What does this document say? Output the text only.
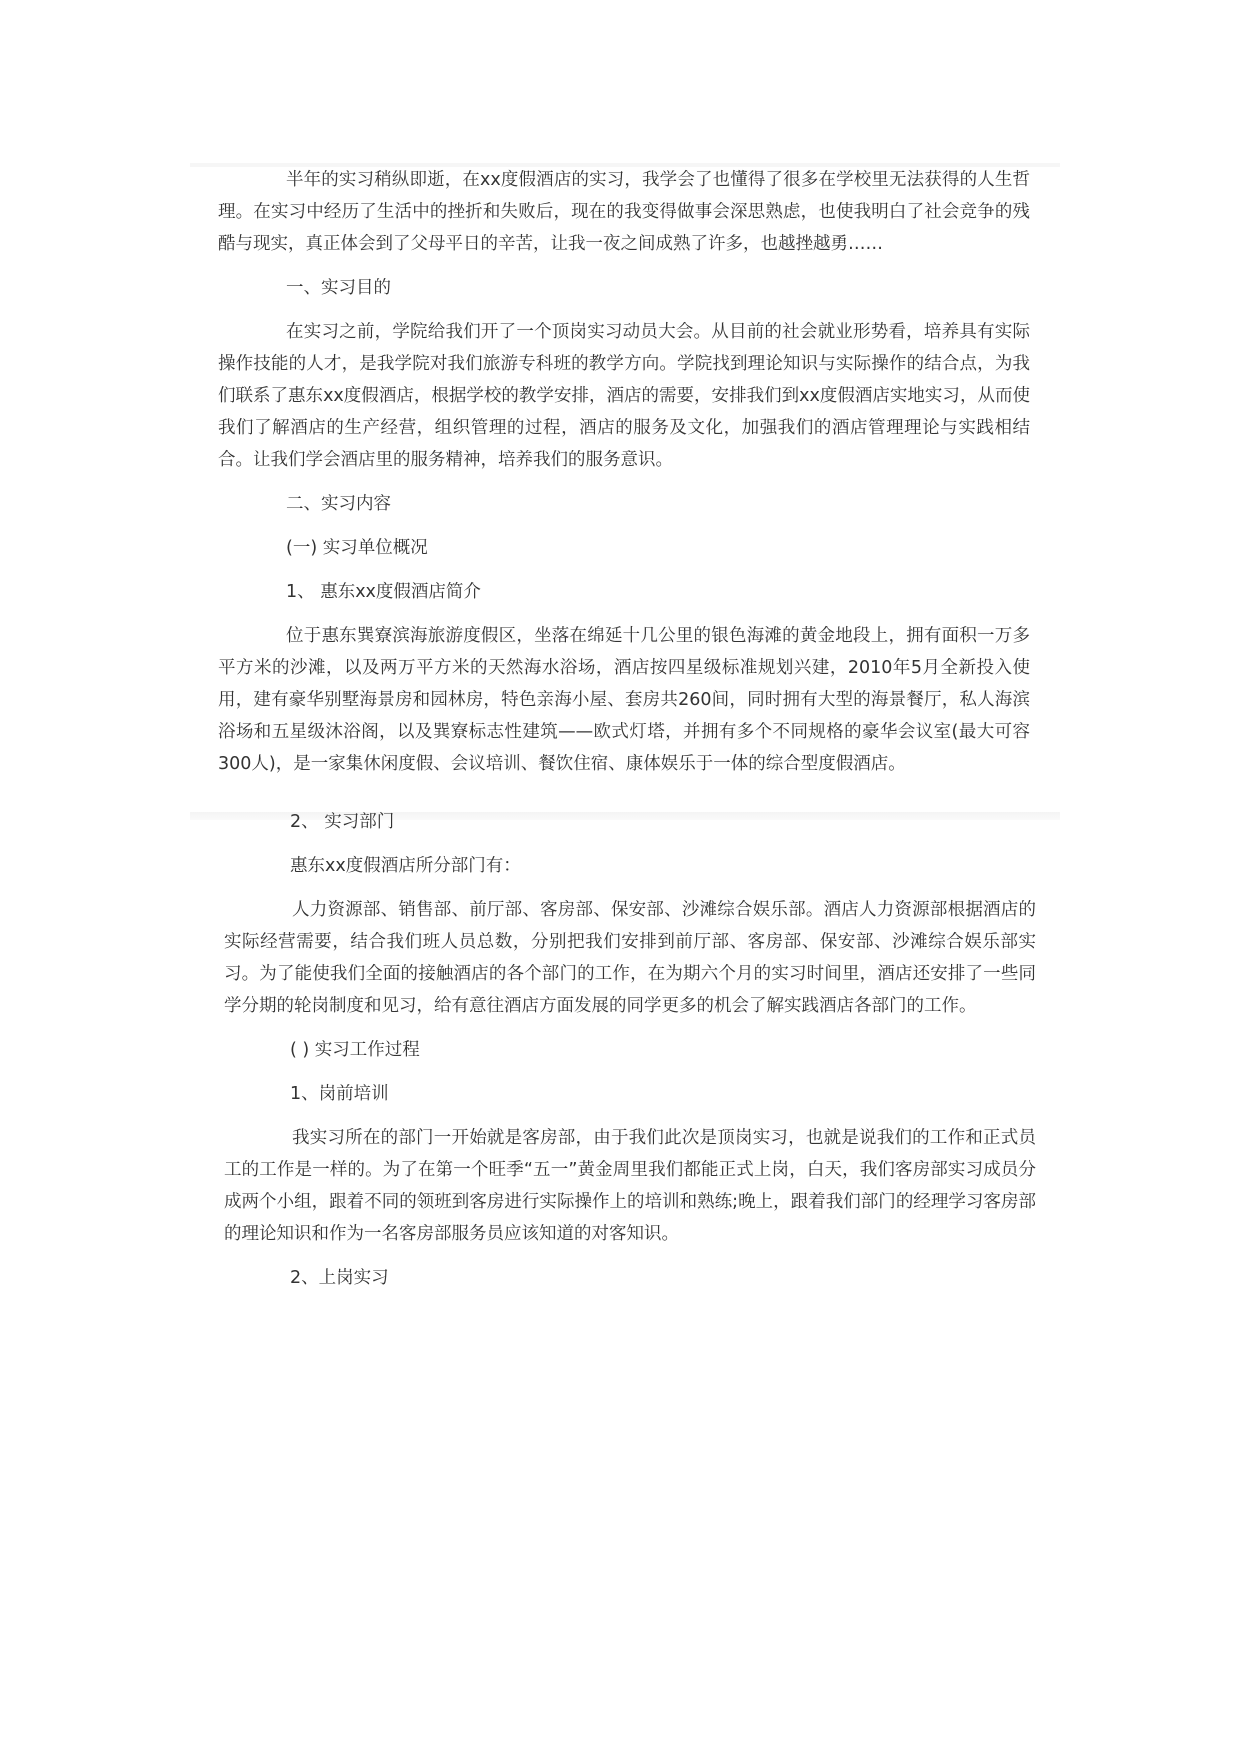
半年的实习稍纵即逝，在xx度假酒店的实习，我学会了也懂得了很多在学校里无法获得的人生哲理。在实习中经历了生活中的挫折和失败后，现在的我变得做事会深思熟虑，也使我明白了社会竞争的残酷与现实，真正体会到了父母平日的辛苦，让我一夜之间成熟了许多，也越挫越勇……

一、实习目的

在实习之前，学院给我们开了一个顶岗实习动员大会。从目前的社会就业形势看，培养具有实际操作技能的人才，是我学院对我们旅游专科班的教学方向。学院找到理论知识与实际操作的结合点，为我们联系了惠东xx度假酒店，根据学校的教学安排，酒店的需要，安排我们到xx度假酒店实地实习，从而使我们了解酒店的生产经营，组织管理的过程，酒店的服务及文化，加强我们的酒店管理理论与实践相结合。让我们学会酒店里的服务精神，培养我们的服务意识。

二、实习内容

(一) 实习单位概况

1、 惠东xx度假酒店简介

位于惠东巽寮滨海旅游度假区，坐落在绵延十几公里的银色海滩的黄金地段上，拥有面积一万多平方米的沙滩，以及两万平方米的天然海水浴场，酒店按四星级标准规划兴建，2010年5月全新投入使用，建有豪华别墅海景房和园林房，特色亲海小屋、套房共260间，同时拥有大型的海景餐厅，私人海滨浴场和五星级沐浴阁，以及巽寮标志性建筑——欧式灯塔，并拥有多个不同规格的豪华会议室(最大可容300人)，是一家集休闲度假、会议培训、餐饮住宿、康体娱乐于一体的综合型度假酒店。

2、 实习部门

惠东xx度假酒店所分部门有：

人力资源部、销售部、前厅部、客房部、保安部、沙滩综合娱乐部。酒店人力资源部根据酒店的实际经营需要，结合我们班人员总数，分别把我们安排到前厅部、客房部、保安部、沙滩综合娱乐部实习。为了能使我们全面的接触酒店的各个部门的工作，在为期六个月的实习时间里，酒店还安排了一些同学分期的轮岗制度和见习，给有意往酒店方面发展的同学更多的机会了解实践酒店各部门的工作。

( ) 实习工作过程

1、岗前培训

我实习所在的部门一开始就是客房部，由于我们此次是顶岗实习，也就是说我们的工作和正式员工的工作是一样的。为了在第一个旺季“五一”黄金周里我们都能正式上岗，白天，我们客房部实习成员分成两个小组，跟着不同的领班到客房进行实际操作上的培训和熟练;晚上，跟着我们部门的经理学习客房部的理论知识和作为一名客房部服务员应该知道的对客知识。

2、上岗实习
